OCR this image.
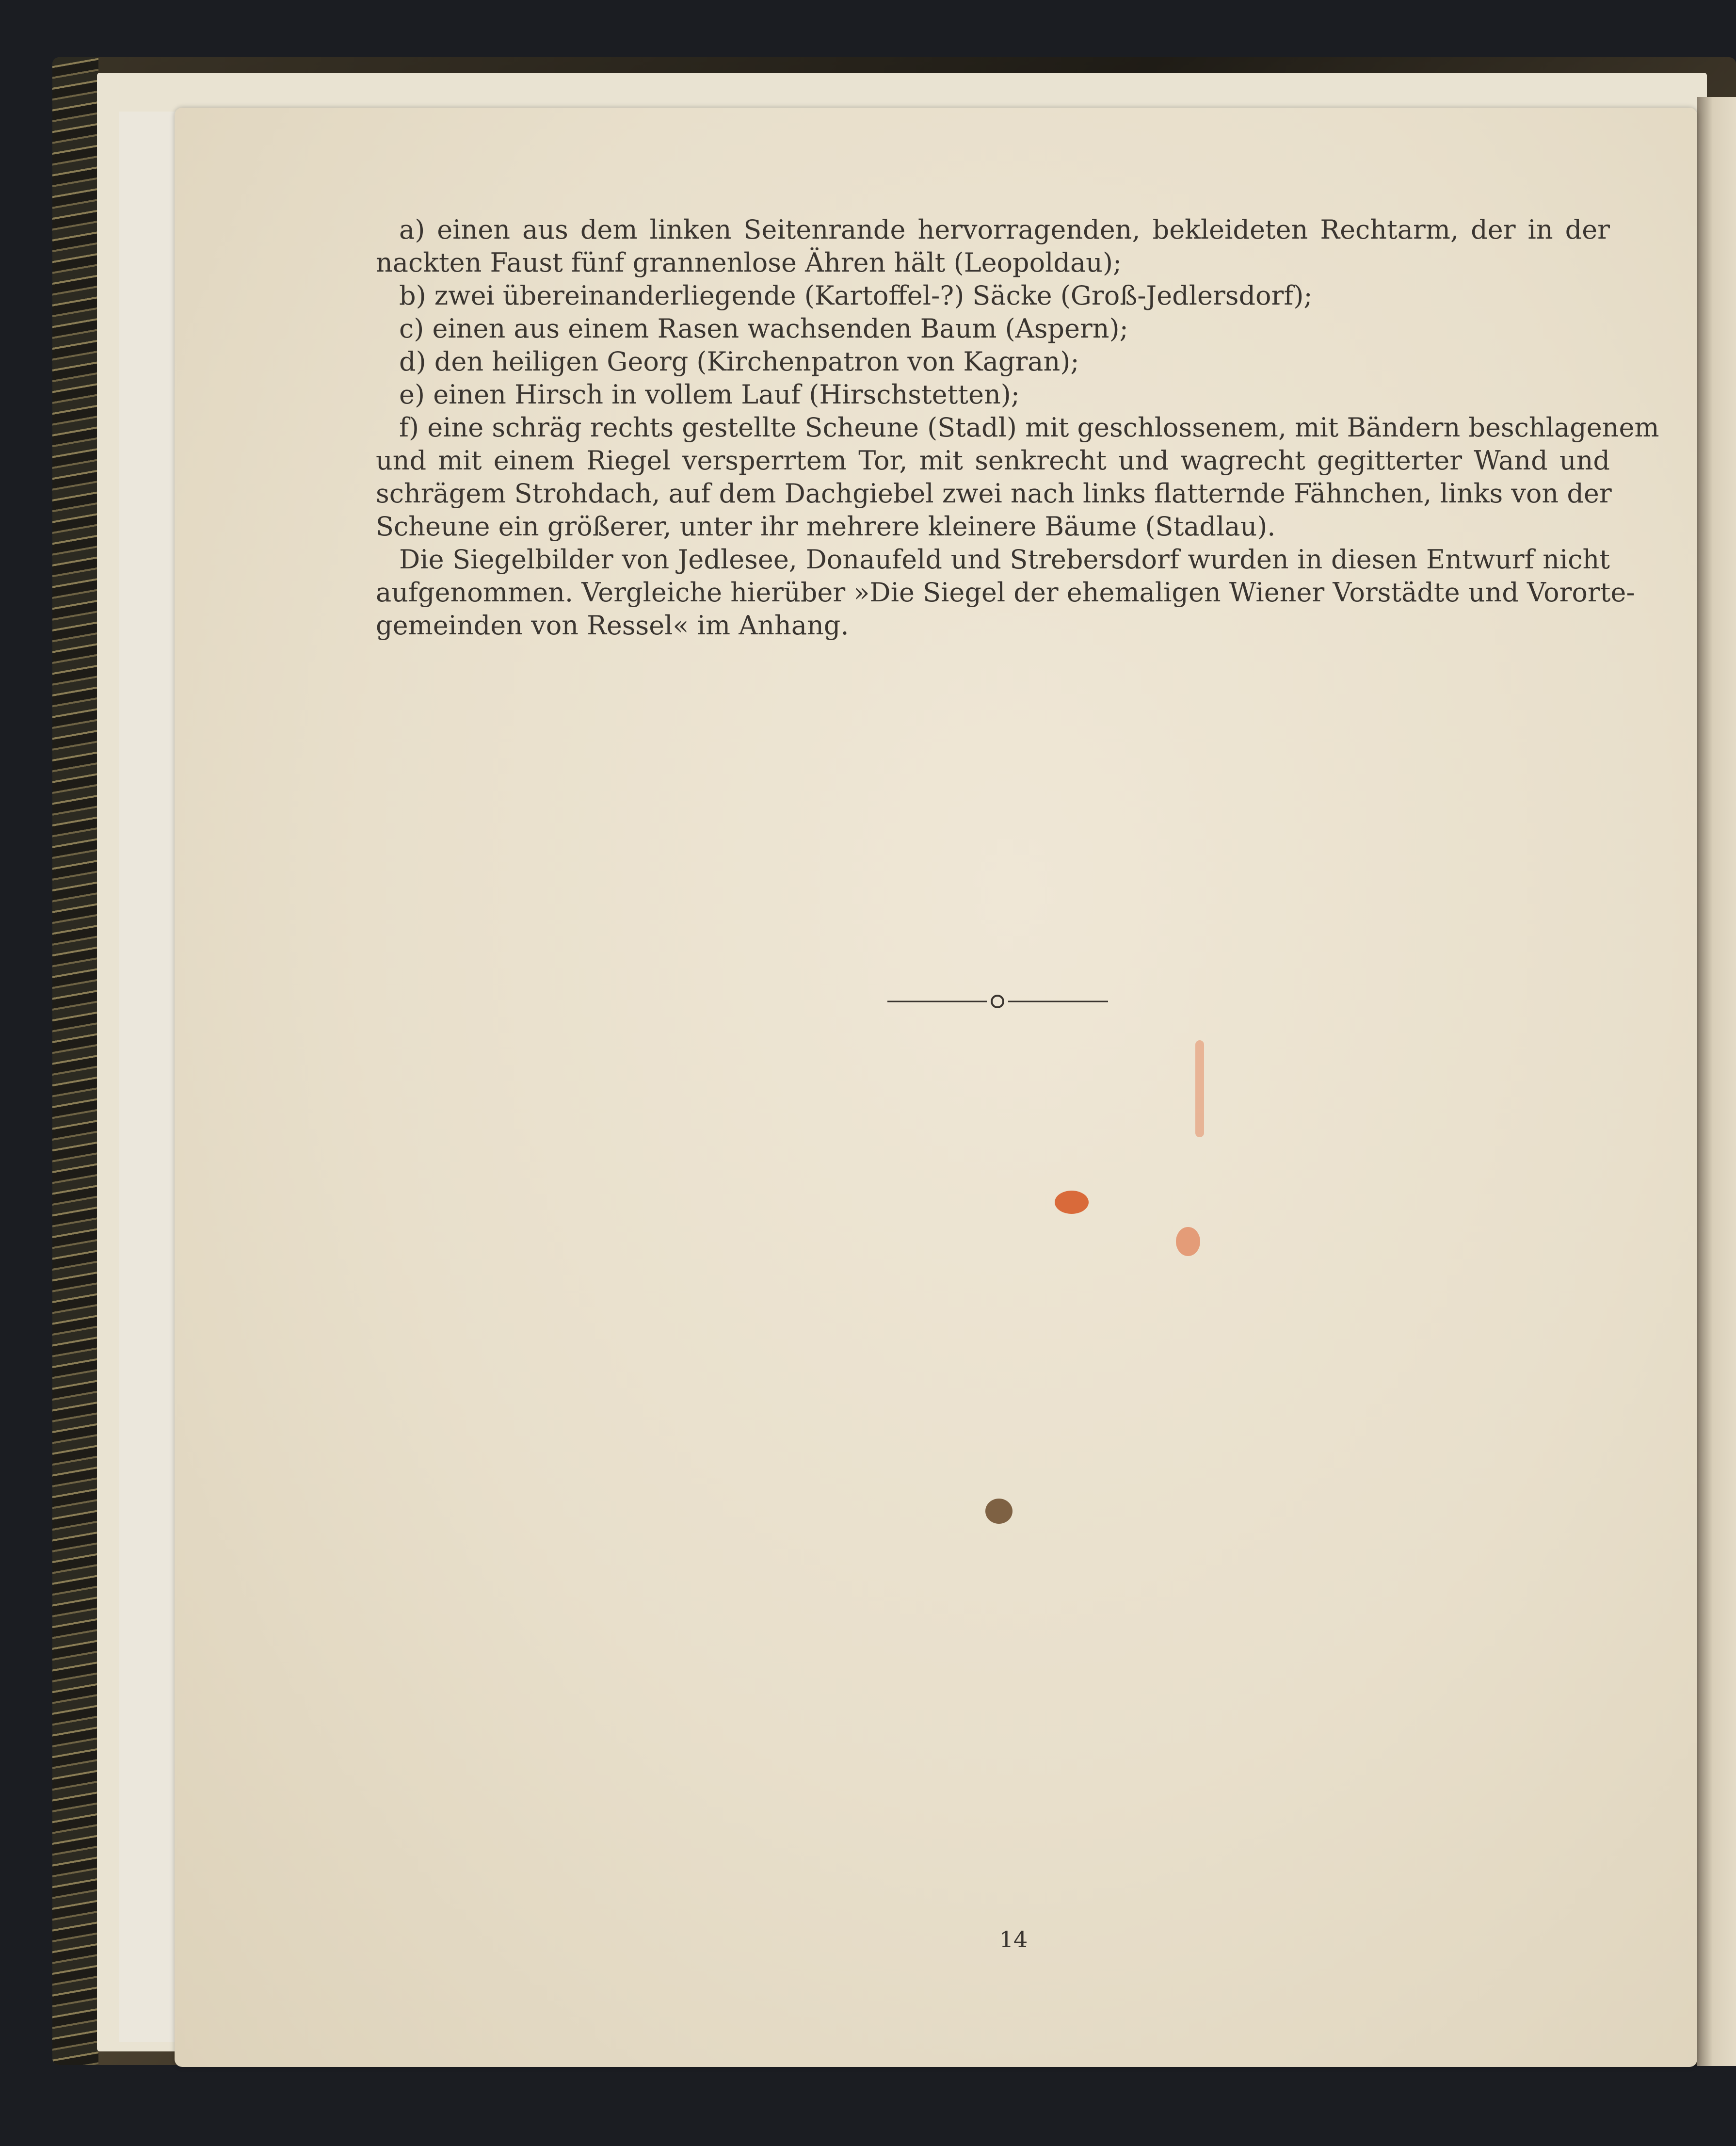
a) einen aus dem linken Seitenrande hervorragenden, bekleideten Rechtarm, der in der
nackten Faust fünf grannenlose Ähren hält (Leopoldau);
b) zwei übereinanderliegende (Kartoffel-?) Säcke (Groß-Jedlersdorf);
c) einen aus einem Rasen wachsenden Baum (Aspern);
d) den heiligen Georg (Kirchenpatron von Kagran);
e) einen Hirsch in vollem Lauf (Hirschstetten);
f) eine schräg rechts gestellte Scheune (Stadl) mit geschlossenem, mit Bändern beschlagenem
und mit einem Riegel versperrtem Tor, mit senkrecht und wagrecht gegitterter Wand und
schrägem Strohdach, auf dem Dachgiebel zwei nach links flatternde Fähnchen, links von der
Scheune ein größerer, unter ihr mehrere kleinere Bäume (Stadlau).
Die Siegelbilder von Jedlesee, Donaufeld und Strebersdorf wurden in diesen Entwurf nicht
aufgenommen. Vergleiche hierüber »Die Siegel der ehemaligen Wiener Vorstädte und Vororte-
gemeinden von Ressel« im Anhang.
14
